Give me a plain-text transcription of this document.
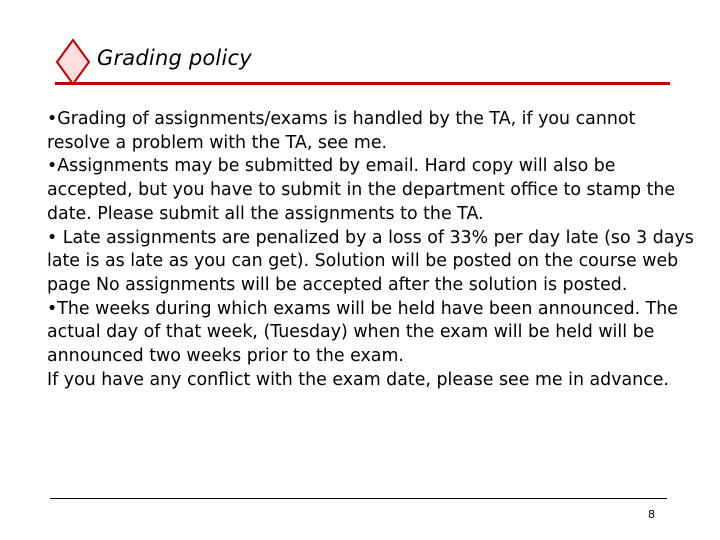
Grading policy

•Grading of assignments/exams is handled by the TA, if you cannot resolve a problem with the TA, see me.

•Assignments may be submitted by email. Hard copy will also be accepted, but you have to submit in the department office to stamp the date. Please submit all the assignments to the TA.

• Late assignments are penalized by a loss of 33% per day late (so 3 days late is as late as you can get). Solution will be posted on the course web page No assignments will be accepted after the solution is posted.

•The weeks during which exams will be held have been announced. The actual day of that week, (Tuesday) when the exam will be held will be announced two weeks prior to the exam.

If you have any conflict with the exam date, please see me in advance.

8
